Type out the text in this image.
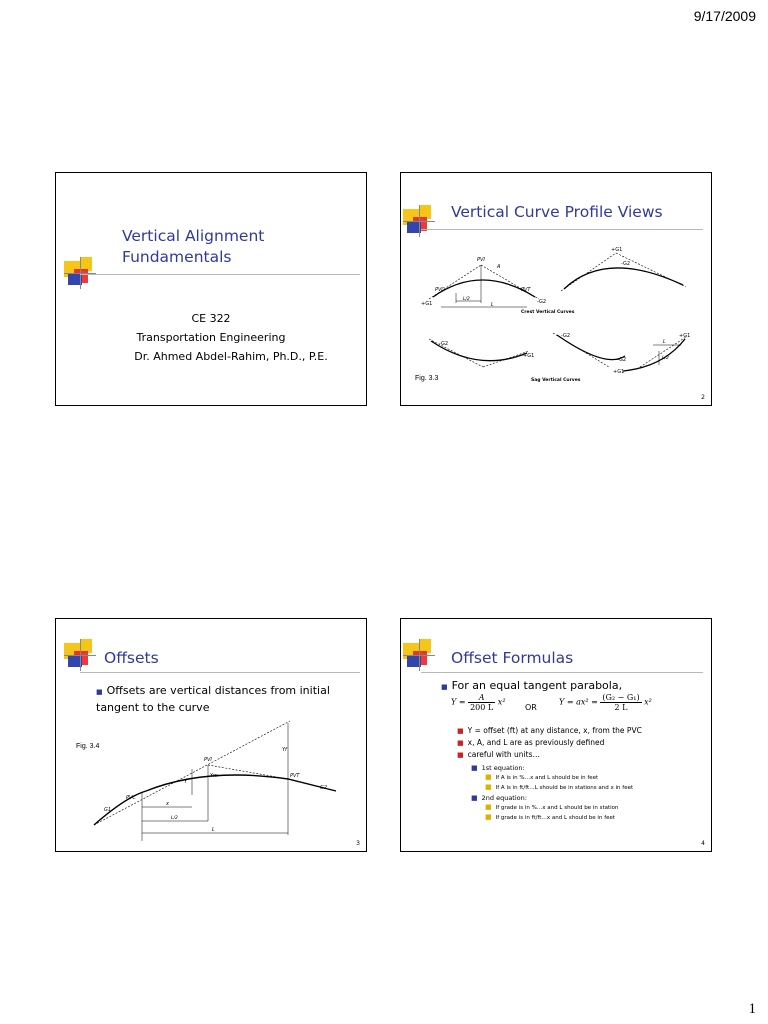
9/17/2009
Vertical Alignment
Fundamentals
CE 322
Transportation Engineering
Dr. Ahmed Abdel-Rahim, Ph.D., P.E.
Vertical Curve Profile Views
PVI
A
PVC	PVT
+G1	-G2
L/2
L
+G1
-G2
Crest Vertical Curves
-G2
+G1
-G2
-G2
+G1
+G1
L
L/2
Sag Vertical Curves
Fig. 3.3
2
Offsets
■ Offsets are vertical distances from initial tangent to the curve
Fig. 3.4
PVI
PVC
PVT
G1
G2
x
L/2
L
Yf
Ym
Y
3
Offset Formulas
■ For an equal tangent parabola,
$Y = \frac{A}{200 L} x^2$
OR
$Y = ax^2 = \frac{\text{(G₂ − G₁)}}{2 L} x^2$
■ Y = offset (ft) at any distance, x, from the PVC
■ x, A, and L are as previously defined
■ careful with units…
■ 1st equation:
■ If A is in %…x and L should be in feet
■ If A is in ft/ft…L should be in stations and x in feet
■ 2nd equation:
■ If grade is in %…x and L should be in station
■ If grade is in ft/ft…x and L should be in feet
4
1
